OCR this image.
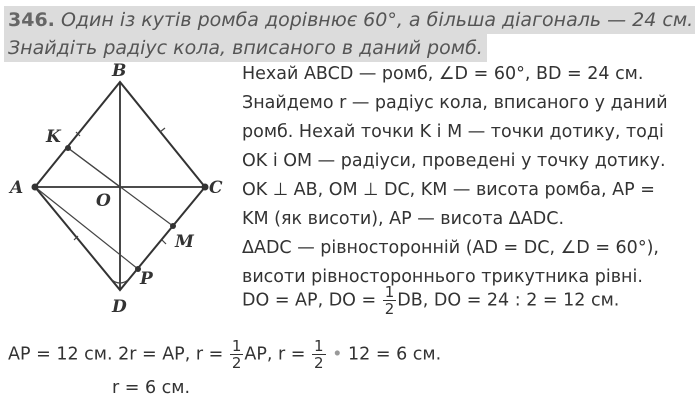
346. Один із кутів ромба дорівнює 60°, а більша діагональ — 24 см.
Знайдіть радіус кола, вписаного в даний ромб.
B
K
A
O
C
M
P
D
Нехай ABCD — ромб, ∠D = 60°, BD = 24 см.
Знайдемо r — радіус кола, вписаного у даний
ромб. Нехай точки K і M — точки дотику, тоді
OK і OM — радіуси, проведені у точку дотику.
OK ⊥ AB, OM ⊥ DC, KM — висота ромба, AP =
KM (як висоти), AP — висота ΔADC.
ΔADC — рівносторонній (AD = DC, ∠D = 60°),
висоти рівностороннього трикутника рівні.
DO = AP, DO = $\frac{1}{2}$ DB, DO = 24 : 2 = 12 см.
AP = 12 см. 2r = AP, $r = \frac{1}{2}$ AP, $r = \frac{1}{2}$ • 12 = 6 см.
r = 6 см.
